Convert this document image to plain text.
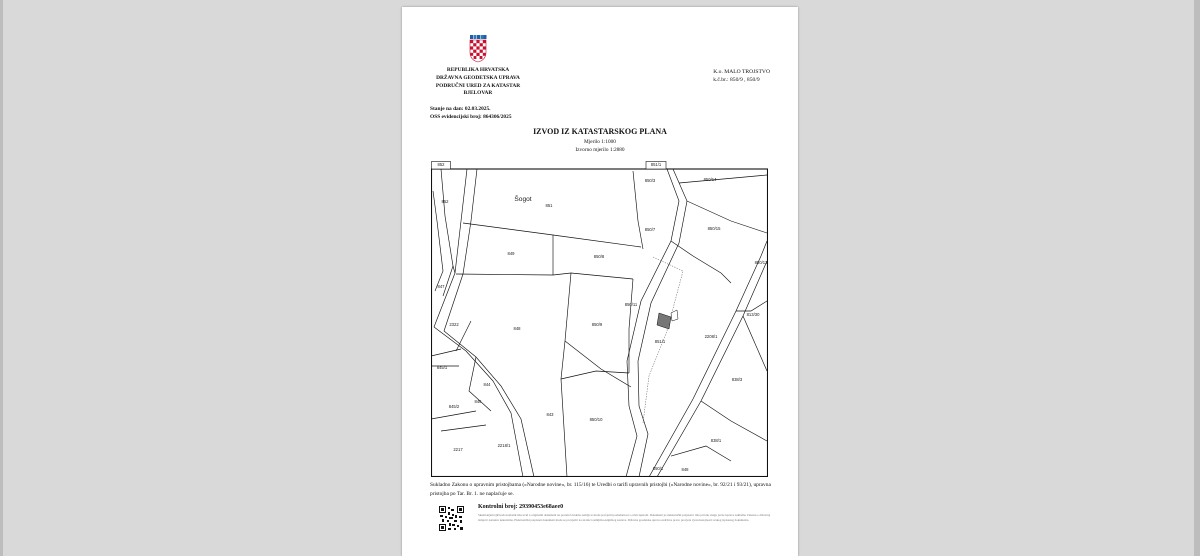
REPUBLIKA HRVATSKA
DRŽAVNA GEODETSKA UPRAVA
PODRUČNI URED ZA KATASTAR
BJELOVAR
Stanje na dan: 02.03.2025.
OSS evidencijski broj: 864306/2025
K.o. MALO TROJSTVO
k.č.br.: 850/9 , 850/9
IZVOD IZ KATASTARSKOG PLANA
Mjerilo 1:1000
Izvorno mjerilo 1:2880
Šogot
852	851/1
850/3	850/14
852
851
850/7	850/15
849
850/8
850/13
847
850/11
813/30
2322
848
850/9
851/1
2208/1
845/1
844
838/3
845/2
846
843
850/10
2218/1
838/1
2217
850/1	848
Sukladno Zakonu o upravnim pristojbama (»Narodne novine«, br. 115/16) te Uredbi o tarifi upravnih pristojbi (»Narodne novine«, br. 92/21 i 93/21), upravna pristojba po Tar. Br. 1. ne naplaćuje se.
Kontrolni broj: 29390453e68aee0
Skeniranjem QR koda korisnik ima uvid u originalni dokument na portalu Uređena zemlja te može provjeriti podudarnost s ovim ispisom. Dokument je elektronički potpisan i ima pravnu snagu javne isprave sukladno Zakonu o državnoj izmjeri i katastru nekretnina. Elektronički potpisani dokument može se provjeriti na stranici zemljišno-knjižnog sustava. Državna geodetska uprava zadržava pravo provjere vjerodostojnosti svakog ispisanog dokumenta.
